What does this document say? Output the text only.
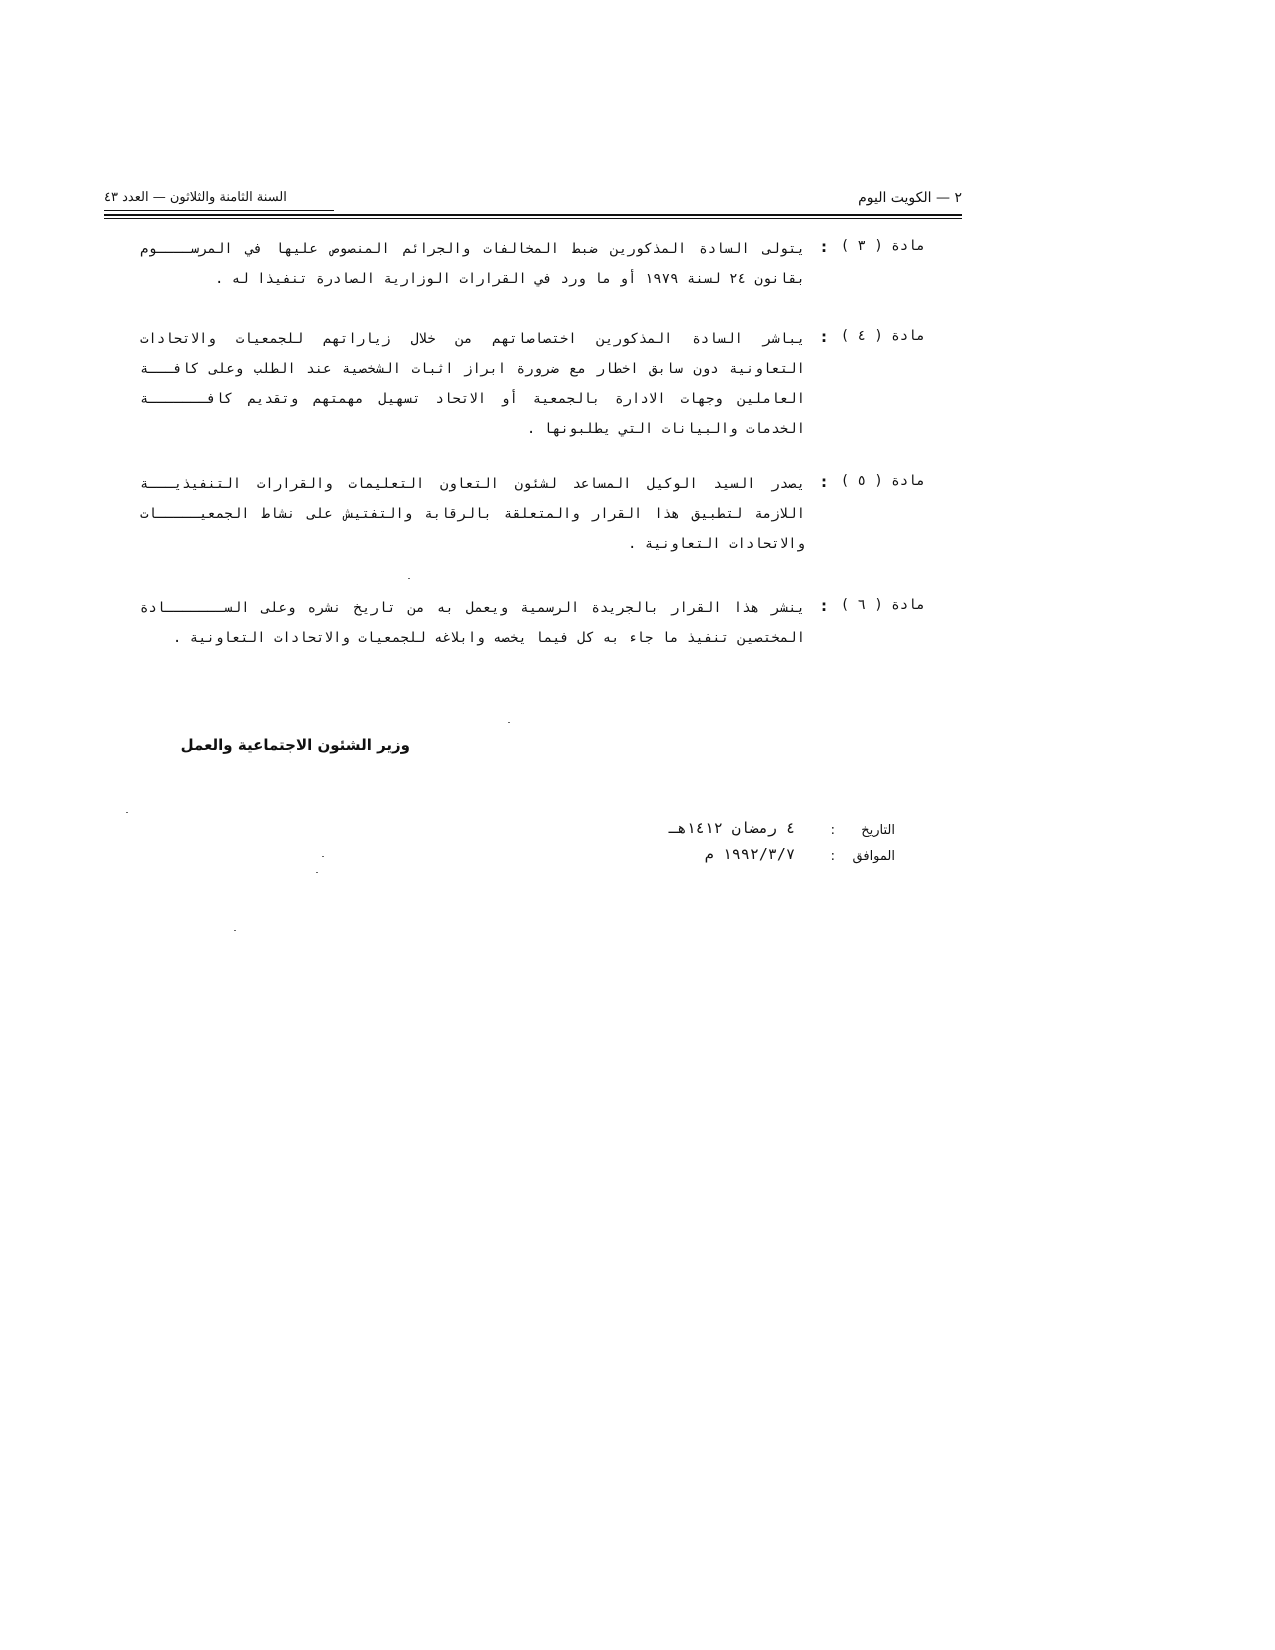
٢ — الكويت اليوم
السنة الثامنة والثلاثون — العدد ٤٣
مادة ( ٣ )
:
يتولى السادة المذكورين ضبط المخالفات والجرائم المنصوص عليها في المرســــوم
بقانون ٢٤ لسنة ١٩٧٩ أو ما ورد في القرارات الوزارية الصادرة تنفيذا له .
مادة ( ٤ )
:
يباشر السادة المذكورين اختصاصاتهم من خلال زياراتهم للجمعيات والاتحادات
التعاونية دون سابق اخطار مع ضرورة ابراز اثبات الشخصية عند الطلب وعلى كافـــة
العاملين وجهات الادارة بالجمعية أو الاتحاد تسهيل مهمتهم وتقديم كافـــــــة
الخدمات والبيانات التي يطلبونها .
مادة ( ٥ )
:
يصدر السيد الوكيل المساعد لشئون التعاون التعليمات والقرارات التنفيذيـــة
اللازمة لتطبيق هذا القرار والمتعلقة بالرقابة والتفتيش على نشاط الجمعيـــــات
والاتحادات التعاونية .
مادة ( ٦ )
:
ينشر هذا القرار بالجريدة الرسمية ويعمل به من تاريخ نشره وعلى الســـــــادة
المختصين تنفيذ ما جاء به كل فيما يخصه وابلاغه للجمعيات والاتحادات التعاونية .
وزير الشئون الاجتماعية والعمل
التاريخ
:
٤ رمضان ١٤١٢هـ
الموافق
:
١٩٩٢/٣/٧ م
